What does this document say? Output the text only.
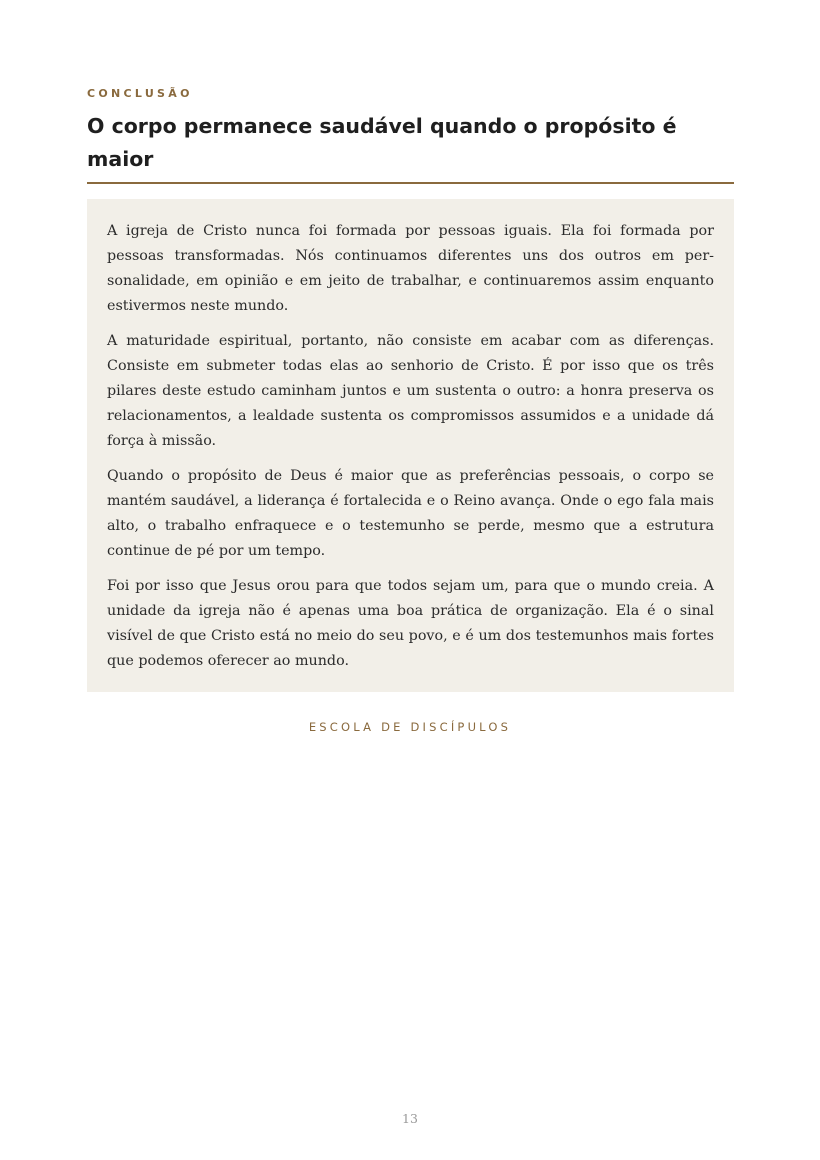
CONCLUSÃO
O corpo permanece saudável quando o propósito é maior

A igreja de Cristo nunca foi formada por pessoas iguais. Ela foi formada por pessoas transformadas. Nós continuamos diferentes uns dos outros em personalidade, em opinião e em jeito de trabalhar, e continuaremos assim enquanto estivermos neste mundo.

A maturidade espiritual, portanto, não consiste em acabar com as diferenças. Consiste em submeter todas elas ao senhorio de Cristo. É por isso que os três pilares deste estudo caminham juntos e um sustenta o outro: a honra preserva os relacionamentos, a lealdade sustenta os compromissos assumidos e a unidade dá força à missão.

Quando o propósito de Deus é maior que as preferências pessoais, o corpo se mantém saudável, a liderança é fortalecida e o Reino avança. Onde o ego fala mais alto, o trabalho enfraquece e o testemunho se perde, mesmo que a estrutura continue de pé por um tempo.

Foi por isso que Jesus orou para que todos sejam um, para que o mundo creia. A unidade da igreja não é apenas uma boa prática de organização. Ela é o sinal visível de que Cristo está no meio do seu povo, e é um dos testemunhos mais fortes que podemos oferecer ao mundo.

ESCOLA DE DISCÍPULOS
13
